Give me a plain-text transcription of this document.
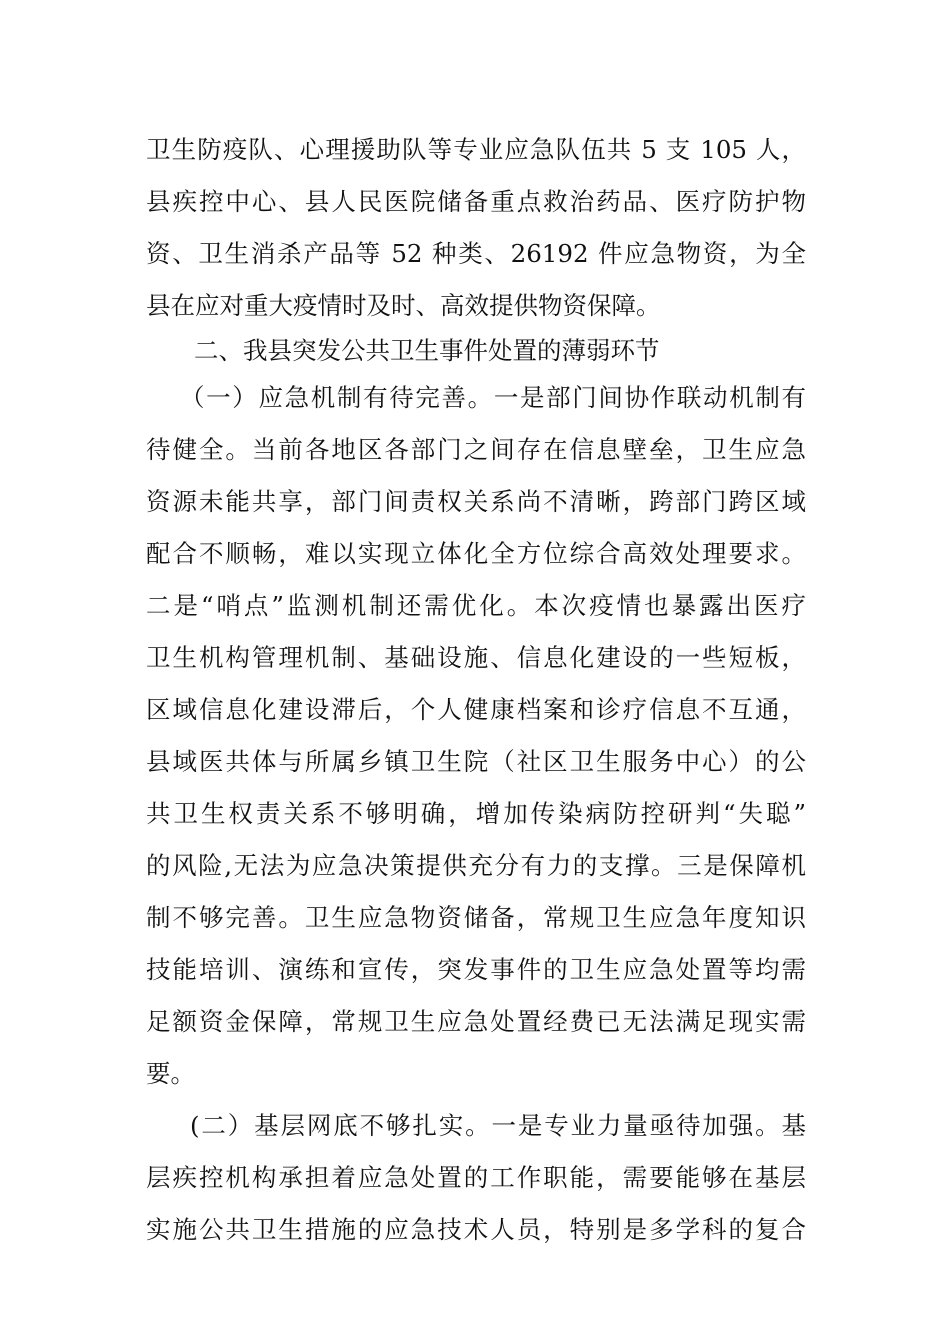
卫生防疫队、心理援助队等专业应急队伍共 5 支 105 人，
县疾控中心、县人民医院储备重点救治药品、医疗防护物
资、卫生消杀产品等 52 种类、26192 件应急物资，为全
县在应对重大疫情时及时、高效提供物资保障。
二、我县突发公共卫生事件处置的薄弱环节
（一）应急机制有待完善。一是部门间协作联动机制有
待健全。当前各地区各部门之间存在信息壁垒，卫生应急
资源未能共享，部门间责权关系尚不清晰，跨部门跨区域
配合不顺畅，难以实现立体化全方位综合高效处理要求。
二是“哨点”监测机制还需优化。本次疫情也暴露出医疗
卫生机构管理机制、基础设施、信息化建设的一些短板，
区域信息化建设滞后，个人健康档案和诊疗信息不互通，
县域医共体与所属乡镇卫生院（社区卫生服务中心）的公
共卫生权责关系不够明确，增加传染病防控研判“失聪”
的风险,无法为应急决策提供充分有力的支撑。三是保障机
制不够完善。卫生应急物资储备，常规卫生应急年度知识
技能培训、演练和宣传，突发事件的卫生应急处置等均需
足额资金保障，常规卫生应急处置经费已无法满足现实需
要。
(二）基层网底不够扎实。一是专业力量亟待加强。基
层疾控机构承担着应急处置的工作职能，需要能够在基层
实施公共卫生措施的应急技术人员，特别是多学科的复合
